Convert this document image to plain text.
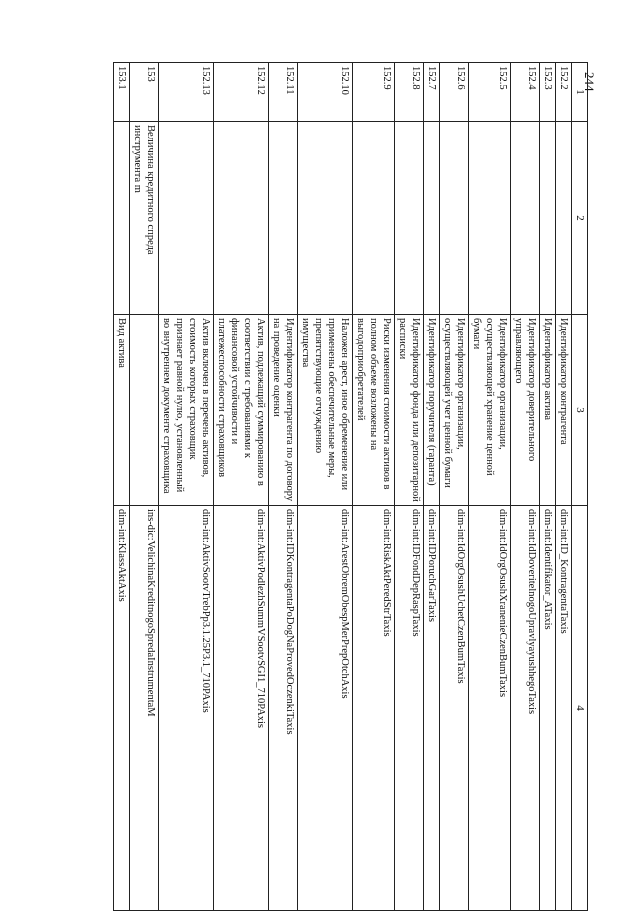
244
1	2	3	4
152.2		Идентификатор контрагента	dim-int:ID_KontragentaTaxis
152.3		Идентификатор актива	dim-int:Identifikator_ATaxis
152.4		Идентификатор доверительного управляющего	dim-int:IdDoveritelnogoUpravlyayushhegoTaxis
152.5		Идентификатор организации, осуществляющей хранение ценной бумаги	dim-int:IdOrgOsushXranenieCzenBumTaxis
152.6		Идентификатор организации, осуществляющей учет ценной бумаги	dim-int:IdOrgOsushUchetCzenBumTaxis
152.7		Идентификатор поручителя (гаранта)	dim-int:IDPoruchGarTaxis
152.8		Идентификатор фонда или депозитарной расписки	dim-int:IDFondDepRaspTaxis
152.9		Риски изменения стоимости активов в полном объеме возложены на выгодоприобретателей	dim-int:RiskAktPeredStrTaxis
152.10		Наложен арест, иное обременение или применены обеспечительные меры, препятствующие отчуждению имущества	dim-int:ArestObremObespMerPrepOtchAxis
152.11		Идентификатор контрагента по договору на проведение оценки	dim-int:IDKontragentaPoDogNaProvedOczenkiTaxis
152.12		Актив, подлежащий суммированию в соответствии с требованиями к финансовой устойчивости и платежеспособности страховщиков	dim-int:AktivPodlezhSummVSootvSGI1_710PAxis
152.13		Актив включен в перечень активов, стоимость которых страховщик признает равной нулю, установленный во внутреннем документе страховщика	dim-int:AktivSootvTrebPp3.1.25P3.1_710PAxis
153	Величина кредитного спреда инструмента m		ins-dic:VelichinaKreditnogoSpredaInstrumentaM
153.1		Вид актива	dim-int:KlassAktAxis
